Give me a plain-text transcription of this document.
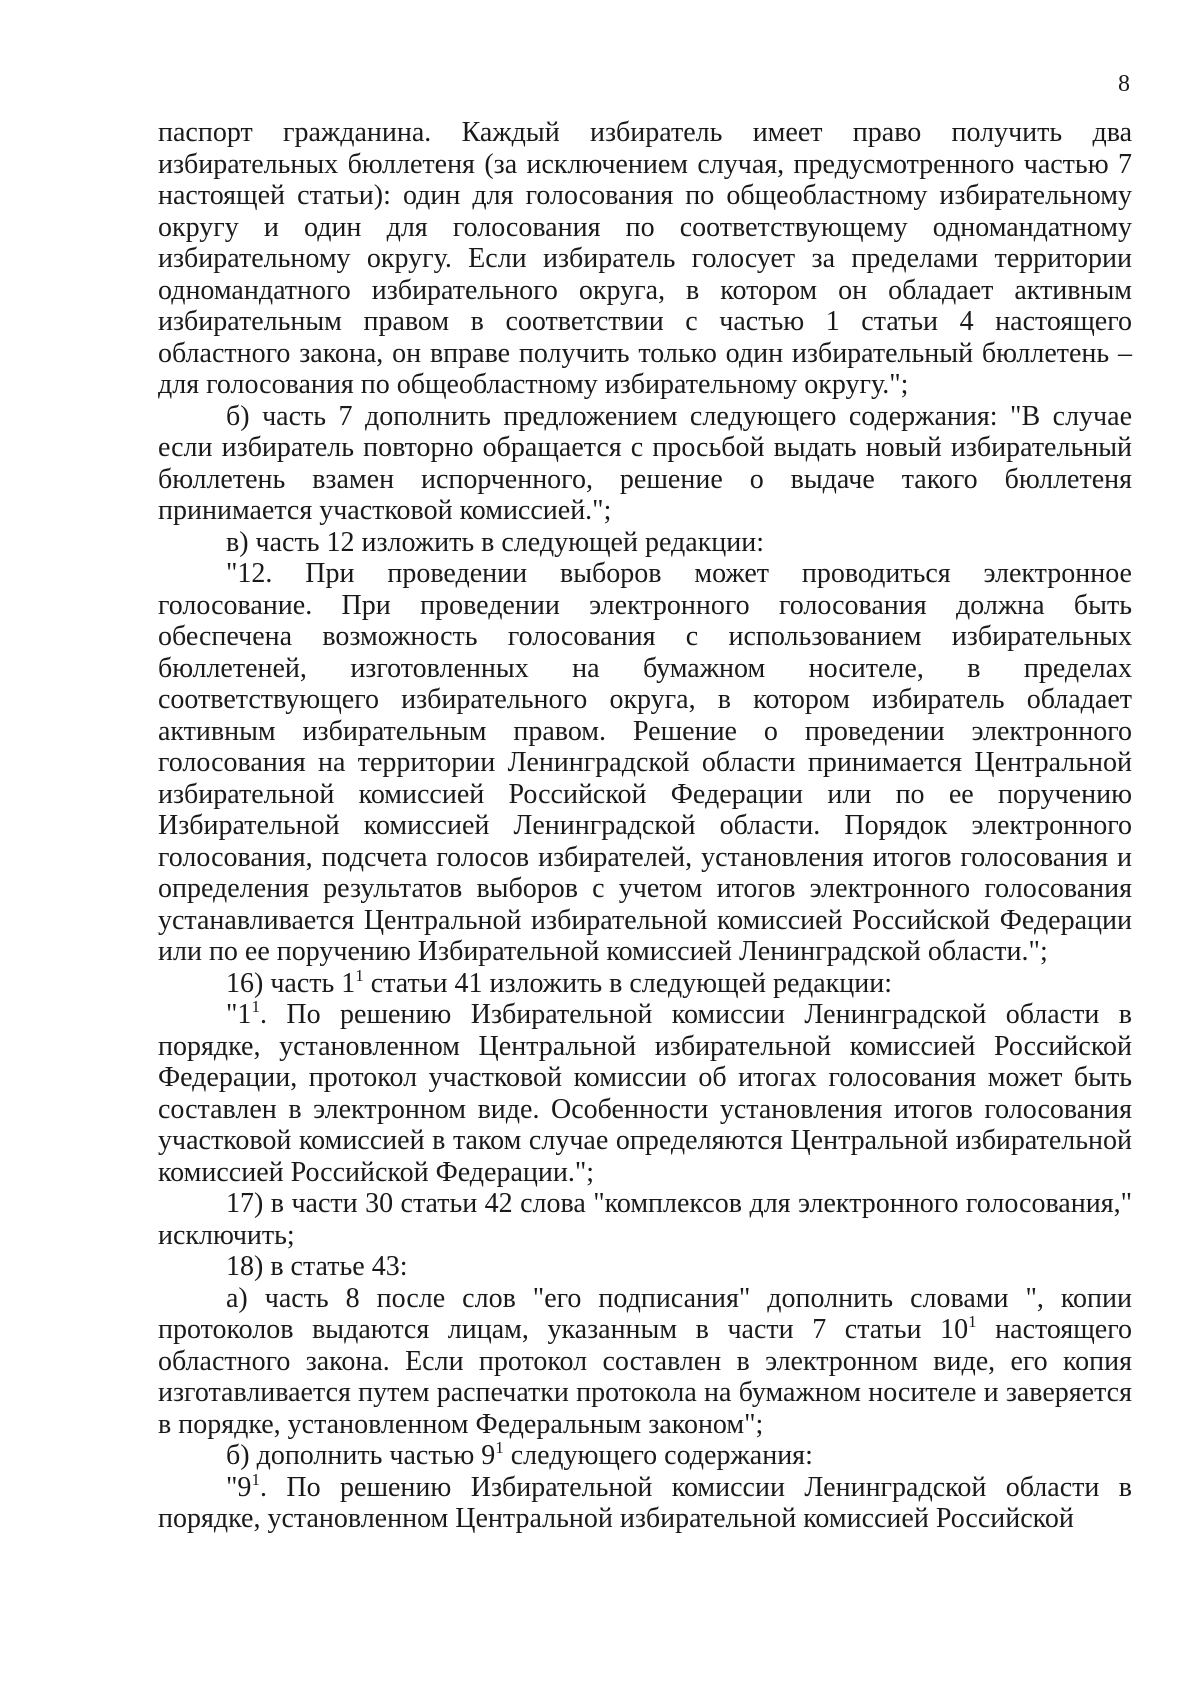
8

паспорт гражданина. Каждый избиратель имеет право получить два избирательных бюллетеня (за исключением случая, предусмотренного частью 7 настоящей статьи): один для голосования по общеобластному избирательному округу и один для голосования по соответствующему одномандатному избирательному округу. Если избиратель голосует за пределами территории одномандатного избирательного округа, в котором он обладает активным избирательным правом в соответствии с частью 1 статьи 4 настоящего областного закона, он вправе получить только один избирательный бюллетень – для голосования по общеобластному избирательному округу.";

б) часть 7 дополнить предложением следующего содержания: "В случае если избиратель повторно обращается с просьбой выдать новый избирательный бюллетень взамен испорченного, решение о выдаче такого бюллетеня принимается участковой комиссией.";

в) часть 12 изложить в следующей редакции:

"12. При проведении выборов может проводиться электронное голосование. При проведении электронного голосования должна быть обеспечена возможность голосования с использованием избирательных бюллетеней, изготовленных на бумажном носителе, в пределах соответствующего избирательного округа, в котором избиратель обладает активным избирательным правом. Решение о проведении электронного голосования на территории Ленинградской области принимается Центральной избирательной комиссией Российской Федерации или по ее поручению Избирательной комиссией Ленинградской области. Порядок электронного голосования, подсчета голосов избирателей, установления итогов голосования и определения результатов выборов с учетом итогов электронного голосования устанавливается Центральной избирательной комиссией Российской Федерации или по ее поручению Избирательной комиссией Ленинградской области.";

16) часть $1^1$ статьи 41 изложить в следующей редакции:

"$1^1$. По решению Избирательной комиссии Ленинградской области в порядке, установленном Центральной избирательной комиссией Российской Федерации, протокол участковой комиссии об итогах голосования может быть составлен в электронном виде. Особенности установления итогов голосования участковой комиссией в таком случае определяются Центральной избирательной комиссией Российской Федерации.";

17) в части 30 статьи 42 слова "комплексов для электронного голосования," исключить;

18) в статье 43:

а) часть 8 после слов "его подписания" дополнить словами ", копии протоколов выдаются лицам, указанным в части 7 статьи $10^1$ настоящего областного закона. Если протокол составлен в электронном виде, его копия изготавливается путем распечатки протокола на бумажном носителе и заверяется в порядке, установленном Федеральным законом";

б) дополнить частью $9^1$ следующего содержания:

"$9^1$. По решению Избирательной комиссии Ленинградской области в порядке, установленном Центральной избирательной комиссией Российской
